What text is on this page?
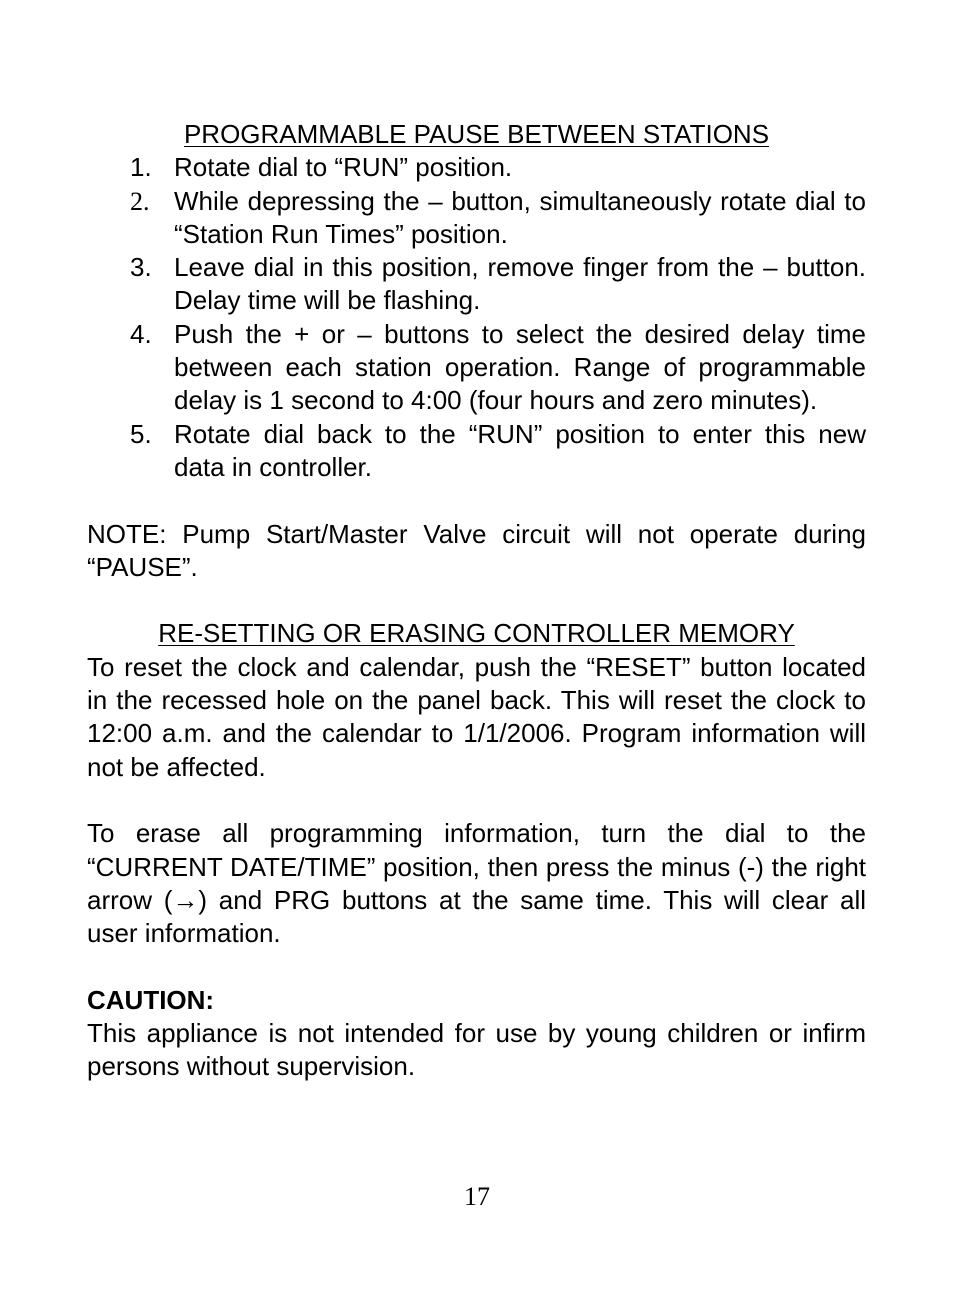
PROGRAMMABLE PAUSE BETWEEN STATIONS
1. Rotate dial to “RUN” position.
2. While depressing the – button, simultaneously rotate dial to “Station Run Times” position.
3. Leave dial in this position, remove finger from the – button. Delay time will be flashing.
4. Push the + or – buttons to select the desired delay time between each station operation. Range of programmable delay is 1 second to 4:00 (four hours and zero minutes).
5. Rotate dial back to the “RUN” position to enter this new data in controller.

NOTE: Pump Start/Master Valve circuit will not operate during “PAUSE”.

RE-SETTING OR ERASING CONTROLLER MEMORY

To reset the clock and calendar, push the “RESET” button located in the recessed hole on the panel back. This will reset the clock to 12:00 a.m. and the calendar to 1/1/2006. Program information will not be affected.

To erase all programming information, turn the dial to the “CURRENT DATE/TIME” position, then press the minus (-) the right arrow (→) and PRG buttons at the same time. This will clear all user information.

CAUTION:

This appliance is not intended for use by young children or infirm persons without supervision.

17
